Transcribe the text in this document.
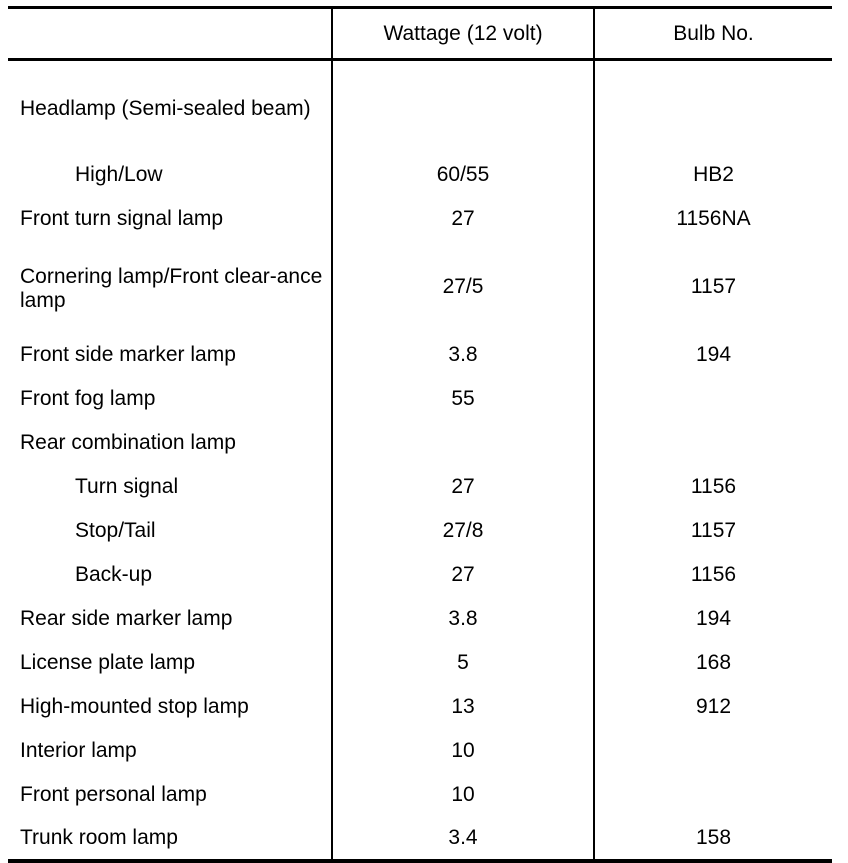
	Wattage (12 volt)	Bulb No.
Headlamp (Semi-sealed beam)		
High/Low	60/55	HB2
Front turn signal lamp	27	1156NA
Cornering lamp/Front clear-ance lamp	27/5	1157
Front side marker lamp	3.8	194
Front fog lamp	55	
Rear combination lamp		
Turn signal	27	1156
Stop/Tail	27/8	1157
Back-up	27	1156
Rear side marker lamp	3.8	194
License plate lamp	5	168
High-mounted stop lamp	13	912
Interior lamp	10	
Front personal lamp	10	
Trunk room lamp	3.4	158
